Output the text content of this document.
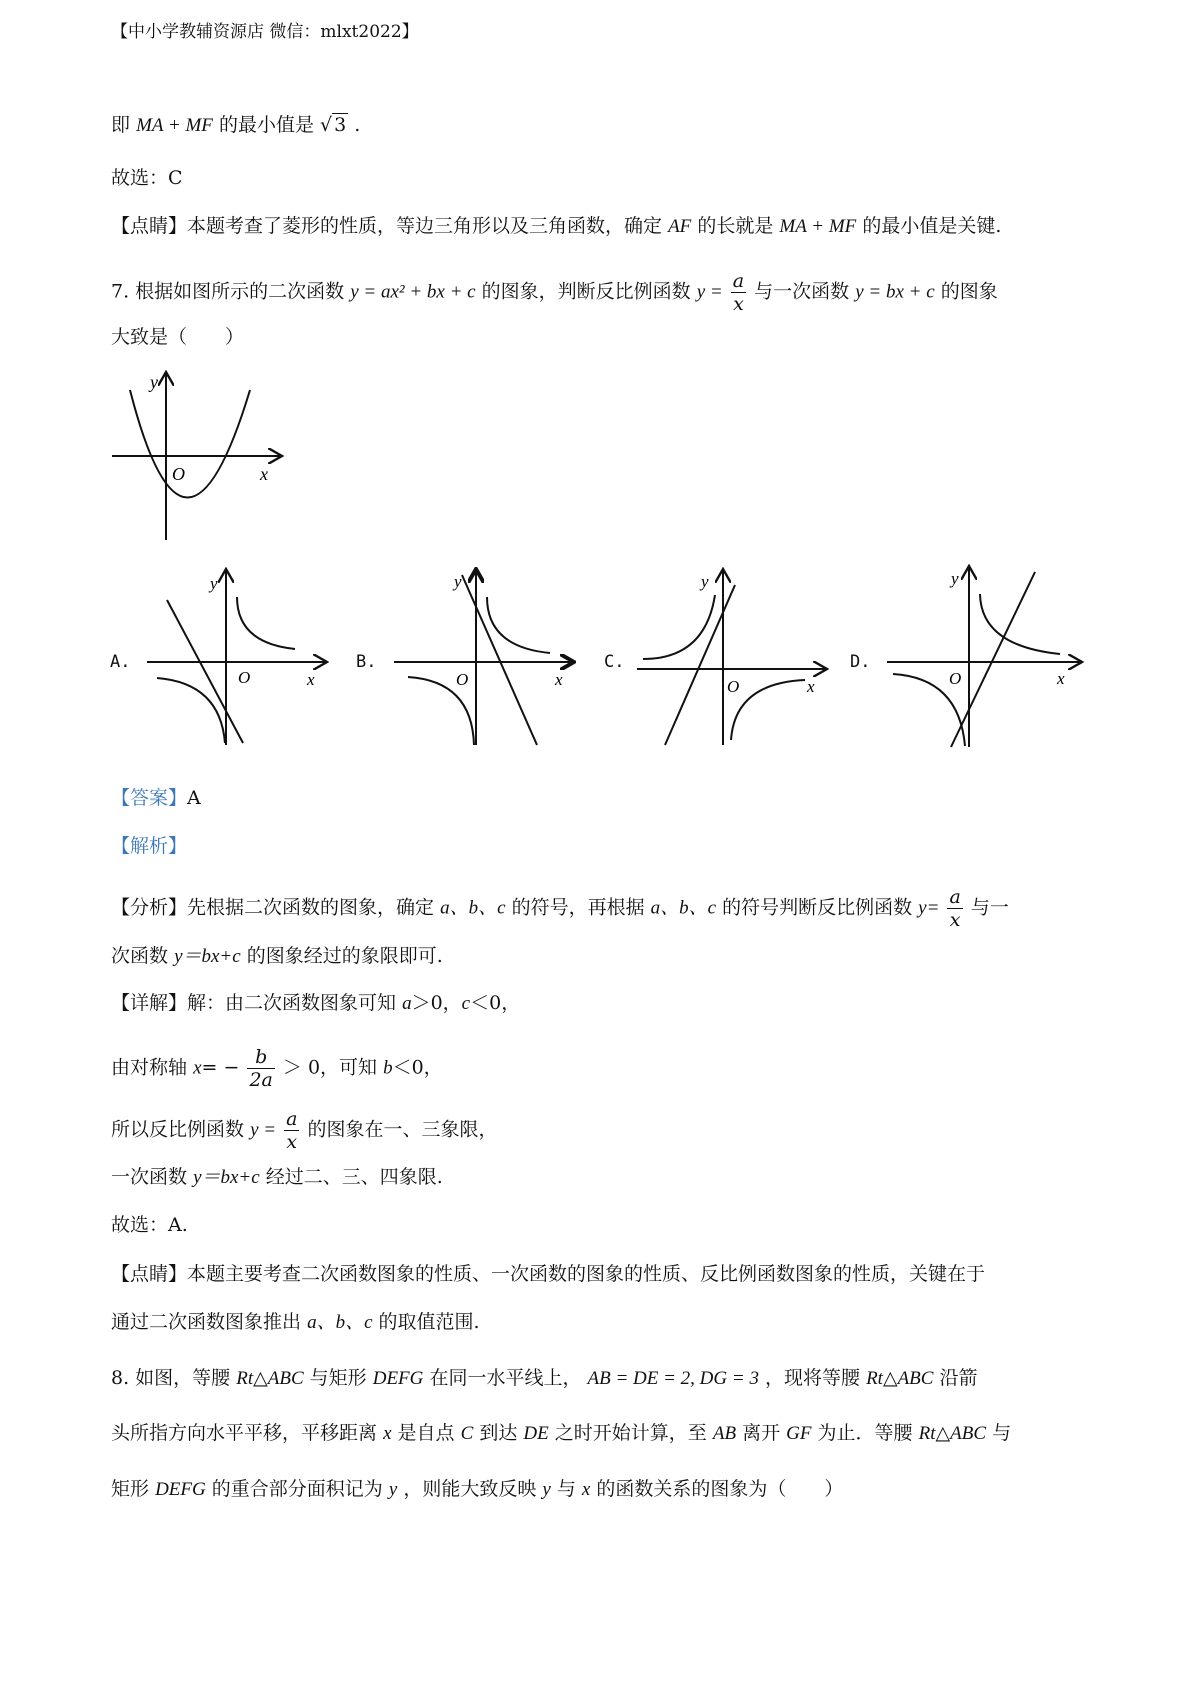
【中小学教辅资源店 微信：mlxt2022】
即 MA + MF 的最小值是 √ 3 .
故选：C
【点睛】本题考查了菱形的性质，等边三角形以及三角函数，确定 AF 的长就是 MA + MF 的最小值是关键.
7. 根据如图所示的二次函数 y = ax² + bx + c 的图象，判断反比例函数 $y = \frac{a}{x}$ 与一次函数 y = bx + c 的图象
大致是（　　）
y
O	x
A.
y
O	x
B.
y
O	x
C.
y
O	x
D.
y
O	x
【答案】A
【解析】
【分析】先根据二次函数的图象，确定 a、b、c 的符号，再根据 a、b、c 的符号判断反比例函数 $y= \frac{a}{x}$ 与一
次函数 y＝bx+c 的图象经过的象限即可.
【详解】解：由二次函数图象可知 a＞0，c＜0，
由对称轴 $x= - \frac{b}{2a} > 0$，可知 b＜0，
所以反比例函数 $y = \frac{a}{x}$ 的图象在一、三象限，
一次函数 y＝bx+c 经过二、三、四象限.
故选：A.
【点睛】本题主要考查二次函数图象的性质、一次函数的图象的性质、反比例函数图象的性质，关键在于
通过二次函数图象推出 a、b、c 的取值范围.
8. 如图，等腰 Rt△ABC 与矩形 DEFG 在同一水平线上， AB = DE = 2, DG = 3 ，现将等腰 Rt△ABC 沿箭
头所指方向水平平移，平移距离 x 是自点 C 到达 DE 之时开始计算，至 AB 离开 GF 为止．等腰 Rt△ABC 与
矩形 DEFG 的重合部分面积记为 y ，则能大致反映 y 与 x 的函数关系的图象为（　　）
